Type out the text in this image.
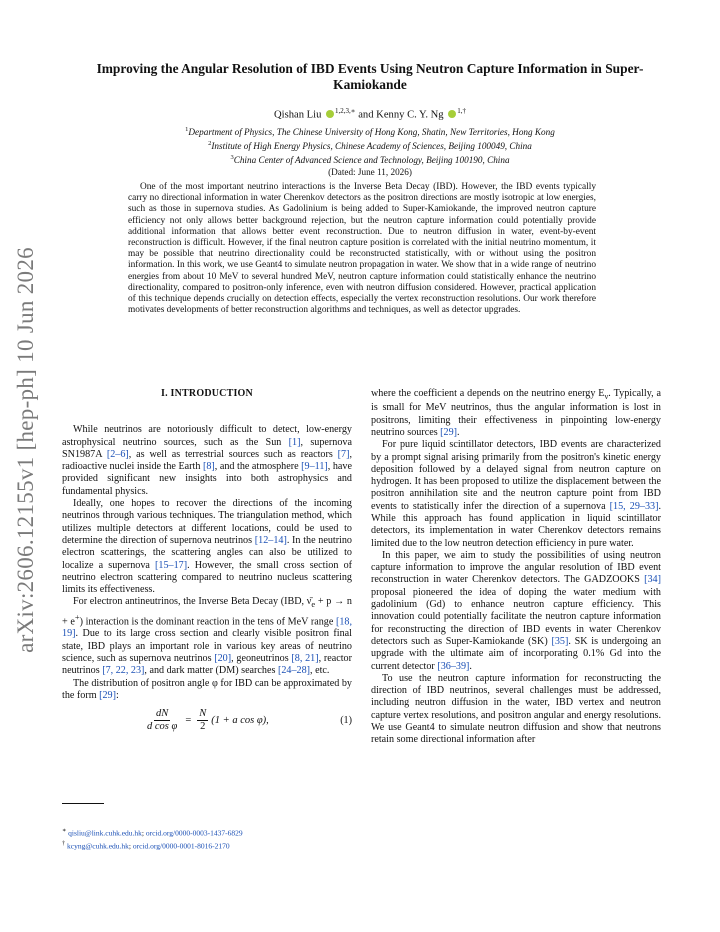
arXiv:2606.12155v1 [hep-ph] 10 Jun 2026
Improving the Angular Resolution of IBD Events Using Neutron Capture Information in Super-Kamiokande
Qishan Liu $^{1,2,3,∗}$ and Kenny C. Y. Ng $^{1,\dagger}$
$^1$Department of Physics, The Chinese University of Hong Kong, Shatin, New Territories, Hong Kong
$^2$Institute of High Energy Physics, Chinese Academy of Sciences, Beijing 100049, China
$^3$China Center of Advanced Science and Technology, Beijing 100190, China
(Dated: June 11, 2026)

One of the most important neutrino interactions is the Inverse Beta Decay (IBD). However, the IBD events typically carry no directional information in water Cherenkov detectors as the positron directions are mostly isotropic at low energies, such as those in supernova studies. As Gadolinium is being added to Super-Kamiokande, the improved neutron capture efficiency not only allows better background rejection, but the neutron capture information could potentially provide additional information that allows better event reconstruction. Due to neutron diffusion in water, event-by-event reconstruction is difficult. However, if the final neutron capture position is correlated with the initial neutrino momentum, it may be possible that neutrino directionality could be reconstructed statistically, with or without using the positron information. In this work, we use Geant4 to simulate neutron propagation in water. We show that in a wide range of neutrino energies from about 10 MeV to several hundred MeV, neutron capture information could statistically enhance the neutrino directionality, compared to positron-only inference, even with neutron diffusion considered. However, practical application of this technique depends crucially on detection effects, especially the vertex reconstruction resolutions. Our work therefore motivates developments of better reconstruction algorithms and techniques, as well as detector upgrades.

I. INTRODUCTION

While neutrinos are notoriously difficult to detect, low-energy astrophysical neutrino sources, such as the Sun [1], supernova SN1987A [2–6], as well as terrestrial sources such as reactors [7], radioactive nuclei inside the Earth [8], and the atmosphere [9–11], have provided significant new insights into both astrophysics and fundamental physics.

Ideally, one hopes to recover the directions of the incoming neutrinos through various techniques. The triangulation method, which utilizes multiple detectors at different locations, could be used to determine the direction of supernova neutrinos [12–14]. In the neutrino electron scatterings, the scattering angles can also be utilized to localize a supernova [15–17]. However, the small cross section of neutrino electron scattering compared to neutrino nucleus scattering limits its effectiveness.

For electron antineutrinos, the Inverse Beta Decay (IBD, $\nū_e + p \to n + e^+$) interaction is the dominant reaction in the tens of MeV range [18, 19]. Due to its large cross section and clearly visible positron final state, IBD plays an important role in various key areas of neutrino science, such as supernova neutrinos [20], geoneutrinos [8, 21], reactor neutrinos [7, 22, 23], and dark matter (DM) searches [24–28], etc.

The distribution of positron angle φ for IBD can be approximated by the form [29]:

$\frac{dN}{\text{d cos φ}} = \frac{N}{2} (1 + a$ cos φ),	(1)

where the coefficient a depends on the neutrino energy $E_\nu$. Typically, a is small for MeV neutrinos, thus the angular information is lost in positrons, limiting their effectiveness in pinpointing low-energy neutrino sources [29].

For pure liquid scintillator detectors, IBD events are characterized by a prompt signal arising primarily from the positron's kinetic energy deposition followed by a delayed signal from neutron capture on hydrogen. It has been proposed to utilize the displacement between the positron annihilation site and the neutron capture point from IBD events to statistically infer the direction of a supernova [15, 29–33]. While this approach has found application in liquid scintillator detectors, its implementation in water Cherenkov detectors remains limited due to the low neutron detection efficiency in pure water.

In this paper, we aim to study the possibilities of using neutron capture information to improve the angular resolution of IBD event reconstruction in water Cherenkov detectors. The GADZOOKS [34] proposal pioneered the idea of doping the water medium with gadolinium (Gd) to enhance neutron capture efficiency. This innovation could potentially facilitate the neutron capture information for reconstructing the direction of IBD events in water Cherenkov detectors such as Super-Kamiokande (SK) [35]. SK is undergoing an upgrade with the ultimate aim of incorporating 0.1% Gd into the current detector [36–39].

To use the neutron capture information for reconstructing the direction of IBD neutrinos, several challenges must be addressed, including neutron diffusion in the water, IBD vertex and neutron capture vertex resolutions, and positron angular and energy resolutions. We use Geant4 to simulate neutron diffusion and show that neutrons retain some directional information after

∗ qisliu@link.cuhk.edu.hk; orcid.org/0000-0003-1437-6829
† kcyng@cuhk.edu.hk; orcid.org/0000-0001-8016-2170
